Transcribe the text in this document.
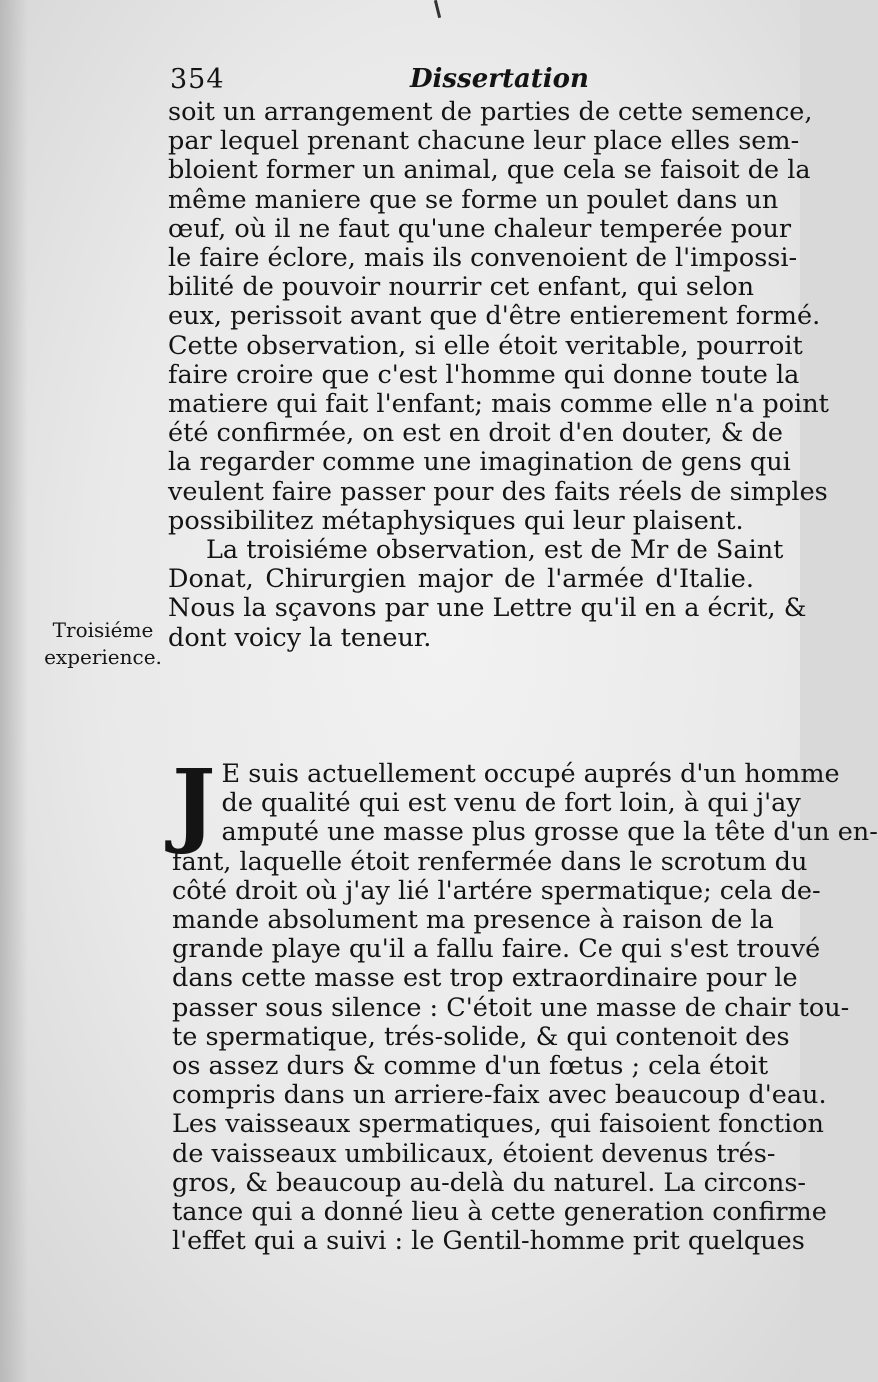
354	Dissertation
soit un arrangement de parties de cette semence,
par lequel prenant chacune leur place elles sem-
bloient former un animal, que cela se faisoit de la
même maniere que se forme un poulet dans un
œuf, où il ne faut qu'une chaleur temperée pour
le faire éclore, mais ils convenoient de l'impossi-
bilité de pouvoir nourrir cet enfant, qui selon
eux, perissoit avant que d'être entierement formé.
Cette observation, si elle étoit veritable, pourroit
faire croire que c'est l'homme qui donne toute la
matiere qui fait l'enfant; mais comme elle n'a point
été confirmée, on est en droit d'en douter, & de
la regarder comme une imagination de gens qui
veulent faire passer pour des faits réels de simples
possibilitez métaphysiques qui leur plaisent.
La troisiéme observation, est de Mr de Saint
Donat, Chirurgien major de l'armée d'Italie.
Nous la sçavons par une Lettre qu'il en a écrit, &
dont voicy la teneur.
Troisiéme
experience.
J E suis actuellement occupé auprés d'un homme
de qualité qui est venu de fort loin, à qui j'ay
amputé une masse plus grosse que la tête d'un en-
fant, laquelle étoit renfermée dans le scrotum du
côté droit où j'ay lié l'artére spermatique; cela de-
mande absolument ma presence à raison de la
grande playe qu'il a fallu faire. Ce qui s'est trouvé
dans cette masse est trop extraordinaire pour le
passer sous silence : C'étoit une masse de chair tou-
te spermatique, trés-solide, & qui contenoit des
os assez durs & comme d'un fœtus ; cela étoit
compris dans un arriere-faix avec beaucoup d'eau.
Les vaisseaux spermatiques, qui faisoient fonction
de vaisseaux umbilicaux, étoient devenus trés-
gros, & beaucoup au-delà du naturel. La circons-
tance qui a donné lieu à cette generation confirme
l'effet qui a suivi : le Gentil-homme prit quelques
